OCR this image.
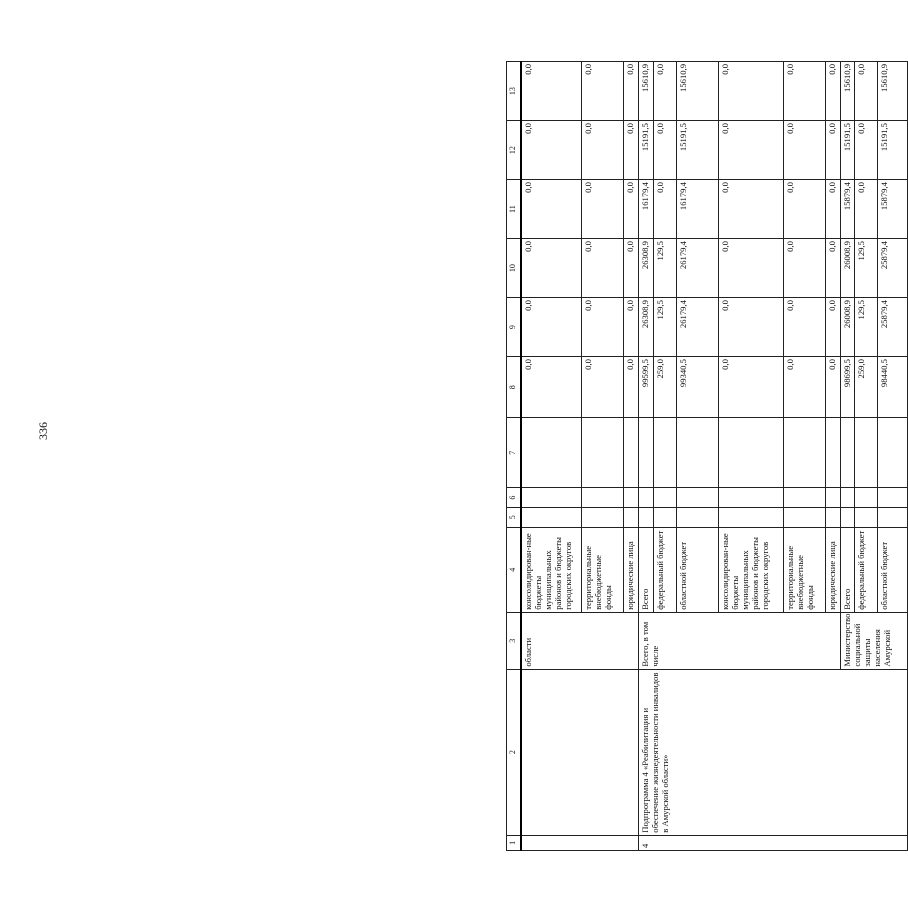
336
1	2	3	4	5	6	7	8	9	10	11	12	13
		области	консолидирован-ные бюджеты муниципальных районов и бюджеты городских округов				0,0	0,0	0,0	0,0	0,0	0,0
			территориальные внебюджетные фонды				0,0	0,0	0,0	0,0	0,0	0,0
			юридические лица				0,0	0,0	0,0	0,0	0,0	0,0
4	Подпрограмма 4 «Реабилитация и обеспечение жизнедеятельности инвалидов в Амурской области»	Всего, в том числе	Всего				99599,5	26308,9	26308,9	16179,4	15191,5	15610,9
			федеральный бюджет				259,0	129,5	129,5	0,0	0,0	0,0
			областной бюджет				99340,5	26179,4	26179,4	16179,4	15191,5	15610,9
			консолидирован-ные бюджеты муниципальных районов и бюджеты городских округов				0,0	0,0	0,0	0,0	0,0	0,0
			территориальные внебюджетные фонды				0,0	0,0	0,0	0,0	0,0	0,0
			юридические лица				0,0	0,0	0,0	0,0	0,0	0,0
		Министерство социальной защиты населения Амурской	Всего				98699,5	26008,9	26008,9	15879,4	15191,5	15610,9
			федеральный бюджет				259,0	129,5	129,5	0,0	0,0	0,0
			областной бюджет				98440,5	25879,4	25879,4	15879,4	15191,5	15610,9
